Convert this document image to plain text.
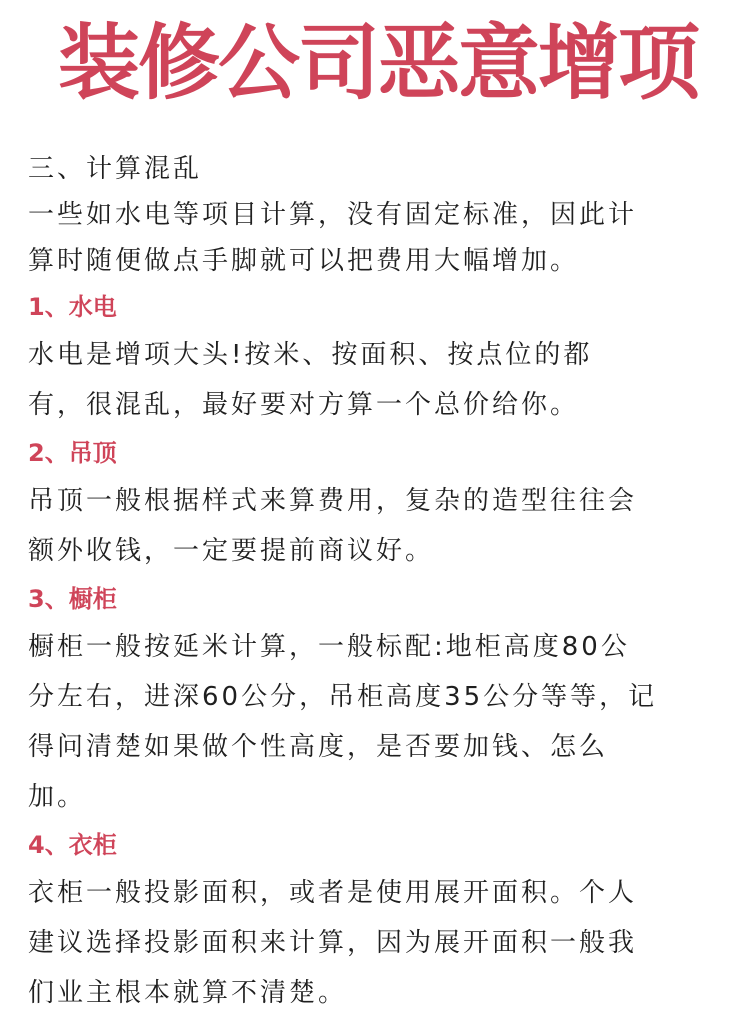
装修公司恶意增项
三、计算混乱
一些如水电等项目计算，没有固定标准，因此计
算时随便做点手脚就可以把费用大幅增加。
1、水电
水电是增项大头!按米、按面积、按点位的都
有，很混乱，最好要对方算一个总价给你。
2、吊顶
吊顶一般根据样式来算费用，复杂的造型往往会
额外收钱，一定要提前商议好。
3、橱柜
橱柜一般按延米计算，一般标配:地柜高度80公
分左右，进深60公分，吊柜高度35公分等等，记
得问清楚如果做个性高度，是否要加钱、怎么
加。
4、衣柜
衣柜一般投影面积，或者是使用展开面积。个人
建议选择投影面积来计算，因为展开面积一般我
们业主根本就算不清楚。
